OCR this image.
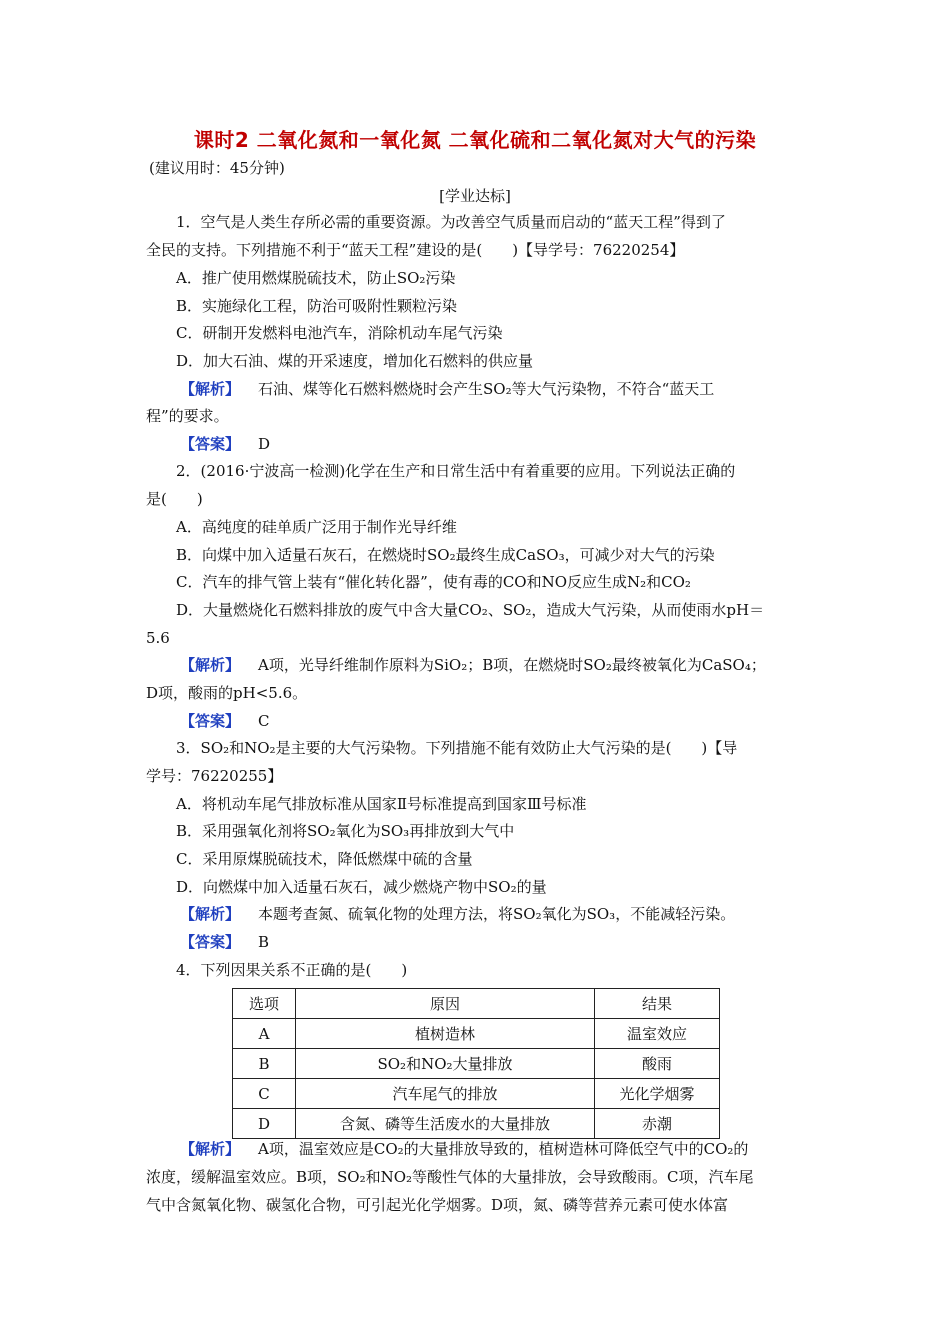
课时2 二氧化氮和一氧化氮 二氧化硫和二氧化氮对大气的污染
(建议用时：45分钟)
[学业达标]
1．空气是人类生存所必需的重要资源。为改善空气质量而启动的“蓝天工程”得到了
全民的支持。下列措施不利于“蓝天工程”建设的是(　　)【导学号：76220254】
A．推广使用燃煤脱硫技术，防止SO₂污染
B．实施绿化工程，防治可吸附性颗粒污染
C．研制开发燃料电池汽车，消除机动车尾气污染
D．加大石油、煤的开采速度，增加化石燃料的供应量
【解析】 石油、煤等化石燃料燃烧时会产生SO₂等大气污染物，不符合“蓝天工
程”的要求。
【答案】 D
2．(2016·宁波高一检测)化学在生产和日常生活中有着重要的应用。下列说法正确的
是(　　)
A．高纯度的硅单质广泛用于制作光导纤维
B．向煤中加入适量石灰石，在燃烧时SO₂最终生成CaSO₃，可减少对大气的污染
C．汽车的排气管上装有“催化转化器”，使有毒的CO和NO反应生成N₂和CO₂
D．大量燃烧化石燃料排放的废气中含大量CO₂、SO₂，造成大气污染，从而使雨水pH＝
5.6
【解析】 A项，光导纤维制作原料为SiO₂；B项，在燃烧时SO₂最终被氧化为CaSO₄；
D项，酸雨的pH<5.6。
【答案】 C
3．SO₂和NO₂是主要的大气污染物。下列措施不能有效防止大气污染的是(　　)【导
学号：76220255】
A．将机动车尾气排放标准从国家Ⅱ号标准提高到国家Ⅲ号标准
B．采用强氧化剂将SO₂氧化为SO₃再排放到大气中
C．采用原煤脱硫技术，降低燃煤中硫的含量
D．向燃煤中加入适量石灰石，减少燃烧产物中SO₂的量
【解析】 本题考查氮、硫氧化物的处理方法，将SO₂氧化为SO₃，不能减轻污染。
【答案】 B
4．下列因果关系不正确的是(　　)
选项	原因	结果
A	植树造林	温室效应
B	SO₂和NO₂大量排放	酸雨
C	汽车尾气的排放	光化学烟雾
D	含氮、磷等生活废水的大量排放	赤潮
【解析】 A项，温室效应是CO₂的大量排放导致的，植树造林可降低空气中的CO₂的
浓度，缓解温室效应。B项，SO₂和NO₂等酸性气体的大量排放，会导致酸雨。C项，汽车尾
气中含氮氧化物、碳氢化合物，可引起光化学烟雾。D项，氮、磷等营养元素可使水体富
